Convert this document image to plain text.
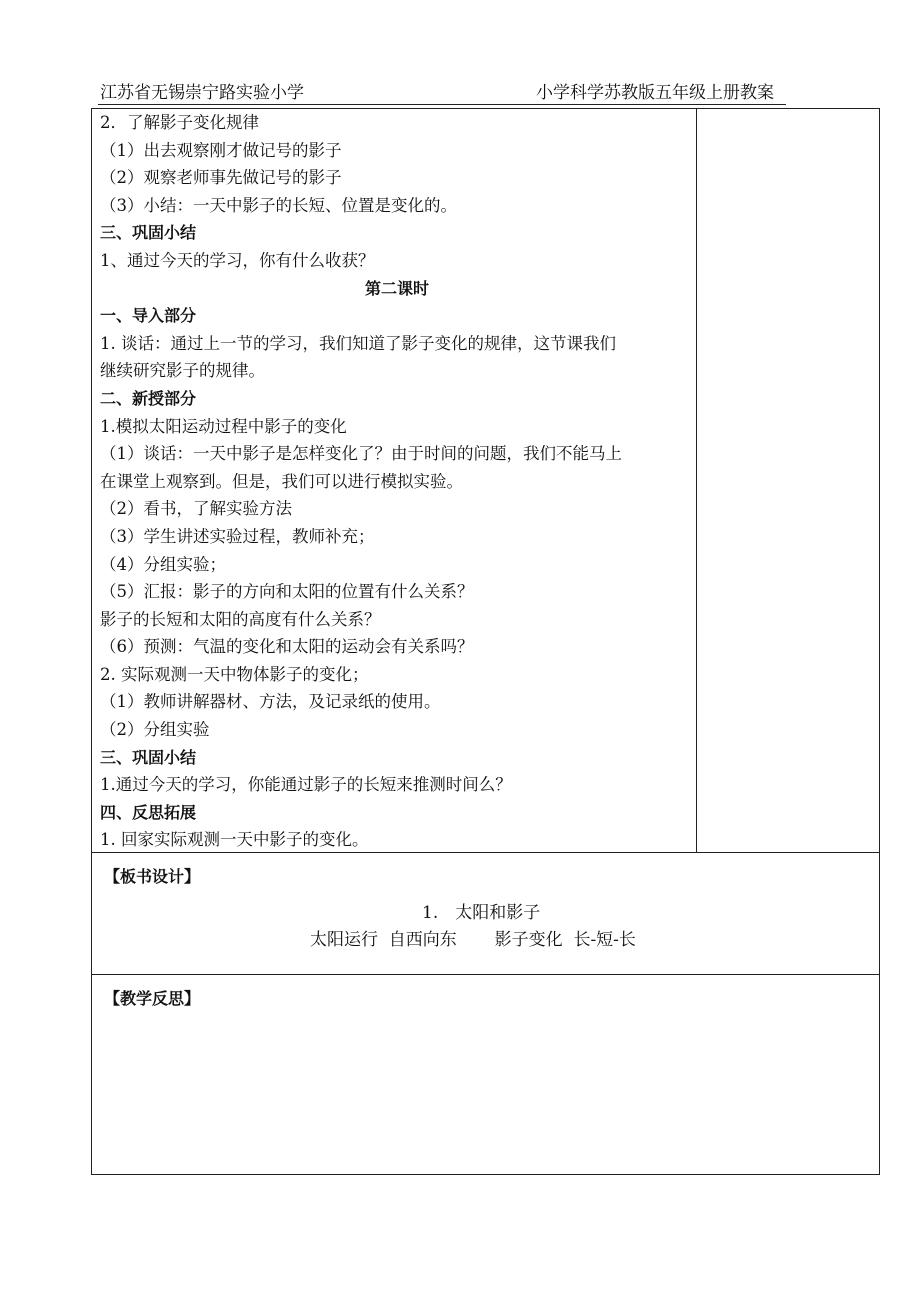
江苏省无锡崇宁路实验小学	小学科学苏教版五年级上册教案
2．了解影子变化规律
（1）出去观察刚才做记号的影子
（2）观察老师事先做记号的影子
（3）小结：一天中影子的长短、位置是变化的。
三、巩固小结
1、通过今天的学习，你有什么收获？
第二课时
一、导入部分
1. 谈话：通过上一节的学习，我们知道了影子变化的规律，这节课我们
继续研究影子的规律。
二、新授部分
1.模拟太阳运动过程中影子的变化
（1）谈话：一天中影子是怎样变化了？由于时间的问题，我们不能马上
在课堂上观察到。但是，我们可以进行模拟实验。
（2）看书，了解实验方法
（3）学生讲述实验过程，教师补充；
（4）分组实验；
（5）汇报：影子的方向和太阳的位置有什么关系？
影子的长短和太阳的高度有什么关系？
（6）预测：气温的变化和太阳的运动会有关系吗？
2. 实际观测一天中物体影子的变化；
（1）教师讲解器材、方法，及记录纸的使用。
（2）分组实验
三、巩固小结
1.通过今天的学习，你能通过影子的长短来推测时间么？
四、反思拓展
1. 回家实际观测一天中影子的变化。
【板书设计】
1.　太阳和影子
太阳运行  自西向东       影子变化  长-短-长
【教学反思】
